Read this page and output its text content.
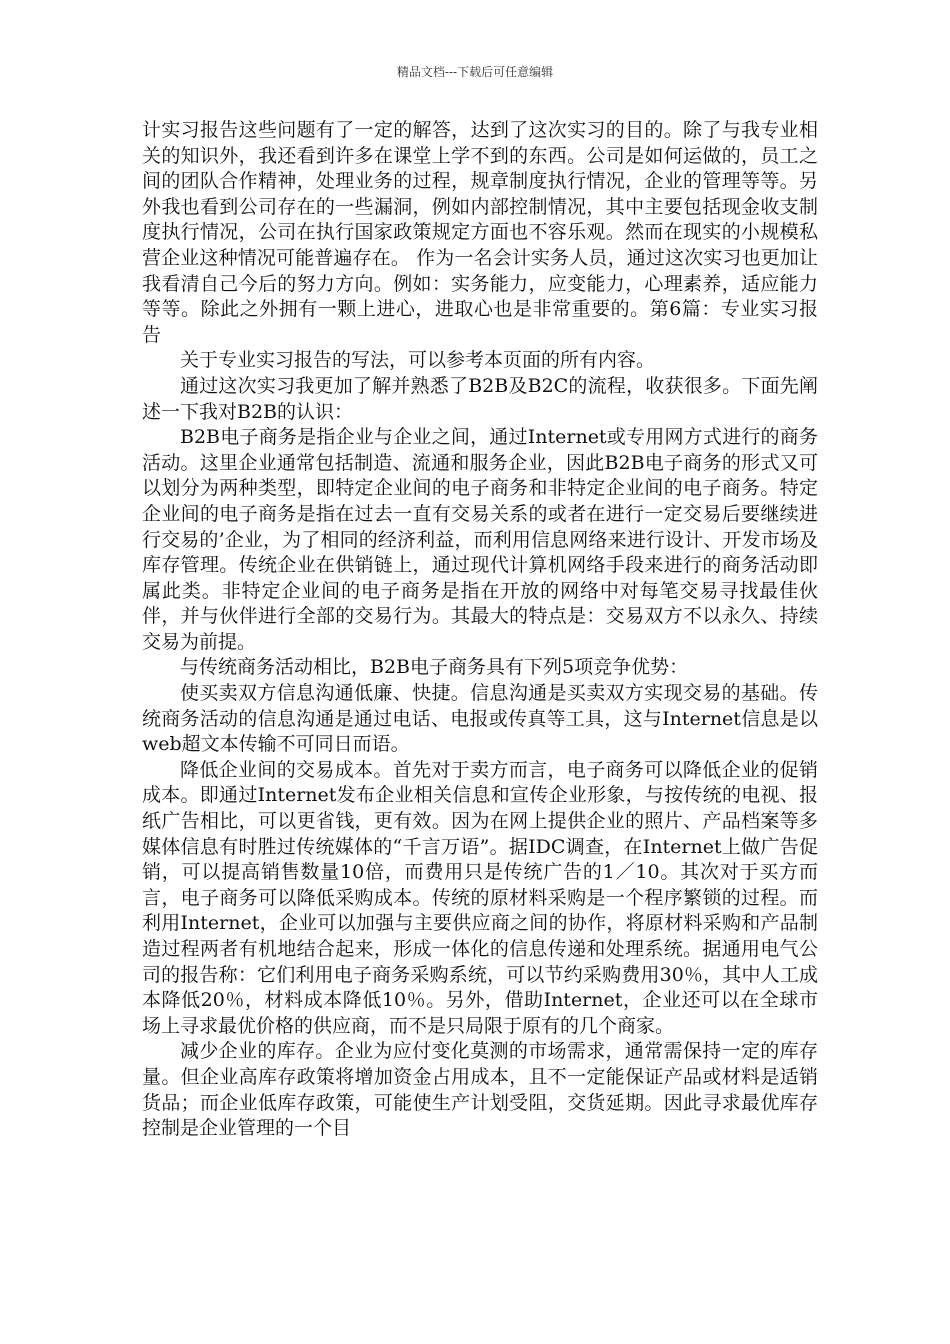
精品文档---下载后可任意编辑

计实习报告这些问题有了一定的解答，达到了这次实习的目的。除了与我专业相关的知识外，我还看到许多在课堂上学不到的东西。公司是如何运做的，员工之间的团队合作精神，处理业务的过程，规章制度执行情况，企业的管理等等。另外我也看到公司存在的一些漏洞，例如内部控制情况，其中主要包括现金收支制度执行情况，公司在执行国家政策规定方面也不容乐观。然而在现实的小规模私营企业这种情况可能普遍存在。 作为一名会计实务人员，通过这次实习也更加让我看清自己今后的努力方向。例如：实务能力，应变能力，心理素养，适应能力等等。除此之外拥有一颗上进心，进取心也是非常重要的。第6篇：专业实习报告

关于专业实习报告的写法，可以参考本页面的所有内容。

通过这次实习我更加了解并熟悉了B2B及B2C的流程，收获很多。下面先阐述一下我对B2B的认识：

B2B电子商务是指企业与企业之间，通过Internet或专用网方式进行的商务活动。这里企业通常包括制造、流通和服务企业，因此B2B电子商务的形式又可以划分为两种类型，即特定企业间的电子商务和非特定企业间的电子商务。特定企业间的电子商务是指在过去一直有交易关系的或者在进行一定交易后要继续进行交易的’企业，为了相同的经济利益，而利用信息网络来进行设计、开发市场及库存管理。传统企业在供销链上，通过现代计算机网络手段来进行的商务活动即属此类。非特定企业间的电子商务是指在开放的网络中对每笔交易寻找最佳伙伴，并与伙伴进行全部的交易行为。其最大的特点是：交易双方不以永久、持续交易为前提。

与传统商务活动相比，B2B电子商务具有下列5项竞争优势：

使买卖双方信息沟通低廉、快捷。信息沟通是买卖双方实现交易的基础。传统商务活动的信息沟通是通过电话、电报或传真等工具，这与Internet信息是以web超文本传输不可同日而语。

降低企业间的交易成本。首先对于卖方而言，电子商务可以降低企业的促销成本。即通过Internet发布企业相关信息和宣传企业形象，与按传统的电视、报纸广告相比，可以更省钱，更有效。因为在网上提供企业的照片、产品档案等多媒体信息有时胜过传统媒体的“千言万语”。据IDC调查，在Internet上做广告促销，可以提高销售数量10倍，而费用只是传统广告的1／10。其次对于买方而言，电子商务可以降低采购成本。传统的原材料采购是一个程序繁锁的过程。而利用Internet，企业可以加强与主要供应商之间的协作，将原材料采购和产品制造过程两者有机地结合起来，形成一体化的信息传递和处理系统。据通用电气公司的报告称：它们利用电子商务采购系统，可以节约采购费用30％，其中人工成本降低20％，材料成本降低10％。另外，借助Internet，企业还可以在全球市场上寻求最优价格的供应商，而不是只局限于原有的几个商家。

减少企业的库存。企业为应付变化莫测的市场需求，通常需保持一定的库存量。但企业高库存政策将增加资金占用成本，且不一定能保证产品或材料是适销货品；而企业低库存政策，可能使生产计划受阻，交货延期。因此寻求最优库存控制是企业管理的一个目
